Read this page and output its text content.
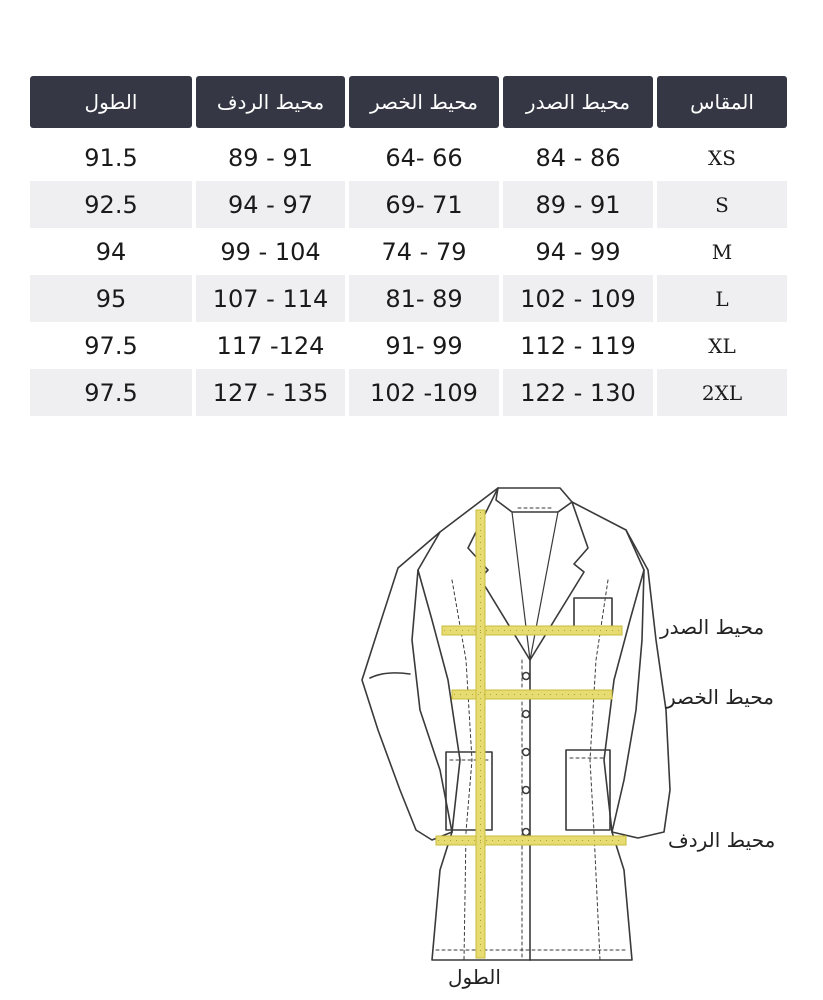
الطول	محيط الردف	محيط الخصر	محيط الصدر	المقاس
91.5	89 - 91	64- 66	84 - 86	XS
92.5	94 - 97	69- 71	89 - 91	S
94	99 - 104	74 - 79	94 - 99	M
95	107 - 114	81- 89	102 - 109	L
97.5	117 -124	91- 99	112 - 119	XL
97.5	127 - 135	102 -109	122 - 130	2XL
محيط الصدر
محيط الخصر
محيط الردف
الطول
